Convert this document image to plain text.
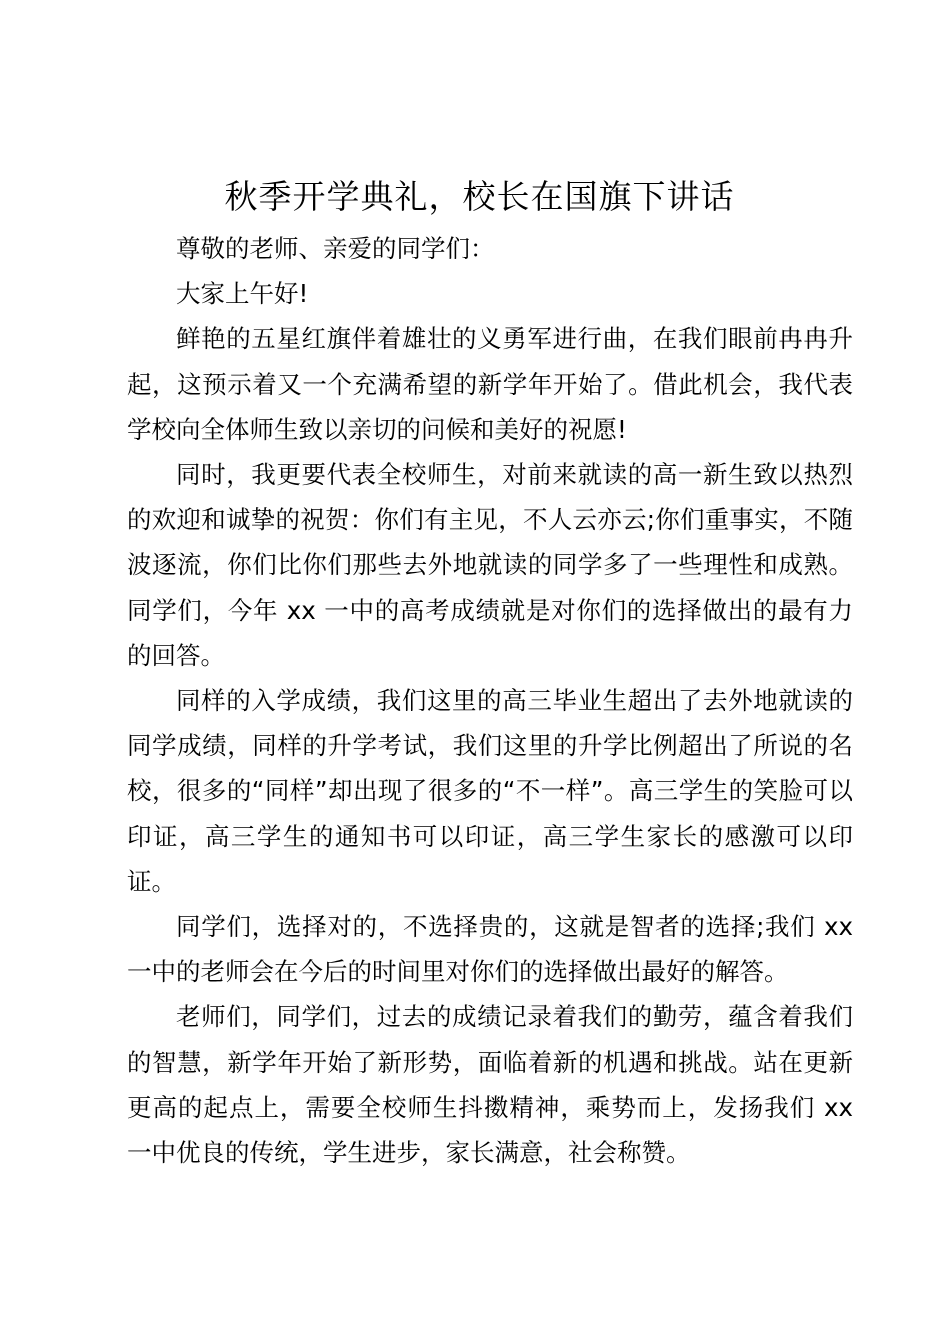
秋季开学典礼，校长在国旗下讲话

尊敬的老师、亲爱的同学们：

大家上午好!

鲜艳的五星红旗伴着雄壮的义勇军进行曲，在我们眼前冉冉升起，这预示着又一个充满希望的新学年开始了。借此机会，我代表学校向全体师生致以亲切的问候和美好的祝愿!

同时，我更要代表全校师生，对前来就读的高一新生致以热烈的欢迎和诚挚的祝贺：你们有主见，不人云亦云;你们重事实，不随波逐流，你们比你们那些去外地就读的同学多了一些理性和成熟。同学们，今年 xx 一中的高考成绩就是对你们的选择做出的最有力的回答。

同样的入学成绩，我们这里的高三毕业生超出了去外地就读的同学成绩，同样的升学考试，我们这里的升学比例超出了所说的名校，很多的“同样”却出现了很多的“不一样”。高三学生的笑脸可以印证，高三学生的通知书可以印证，高三学生家长的感激可以印证。

同学们，选择对的，不选择贵的，这就是智者的选择;我们 xx 一中的老师会在今后的时间里对你们的选择做出最好的解答。

老师们，同学们，过去的成绩记录着我们的勤劳，蕴含着我们的智慧，新学年开始了新形势，面临着新的机遇和挑战。站在更新更高的起点上，需要全校师生抖擞精神，乘势而上，发扬我们 xx 一中优良的传统，学生进步，家长满意，社会称赞。
